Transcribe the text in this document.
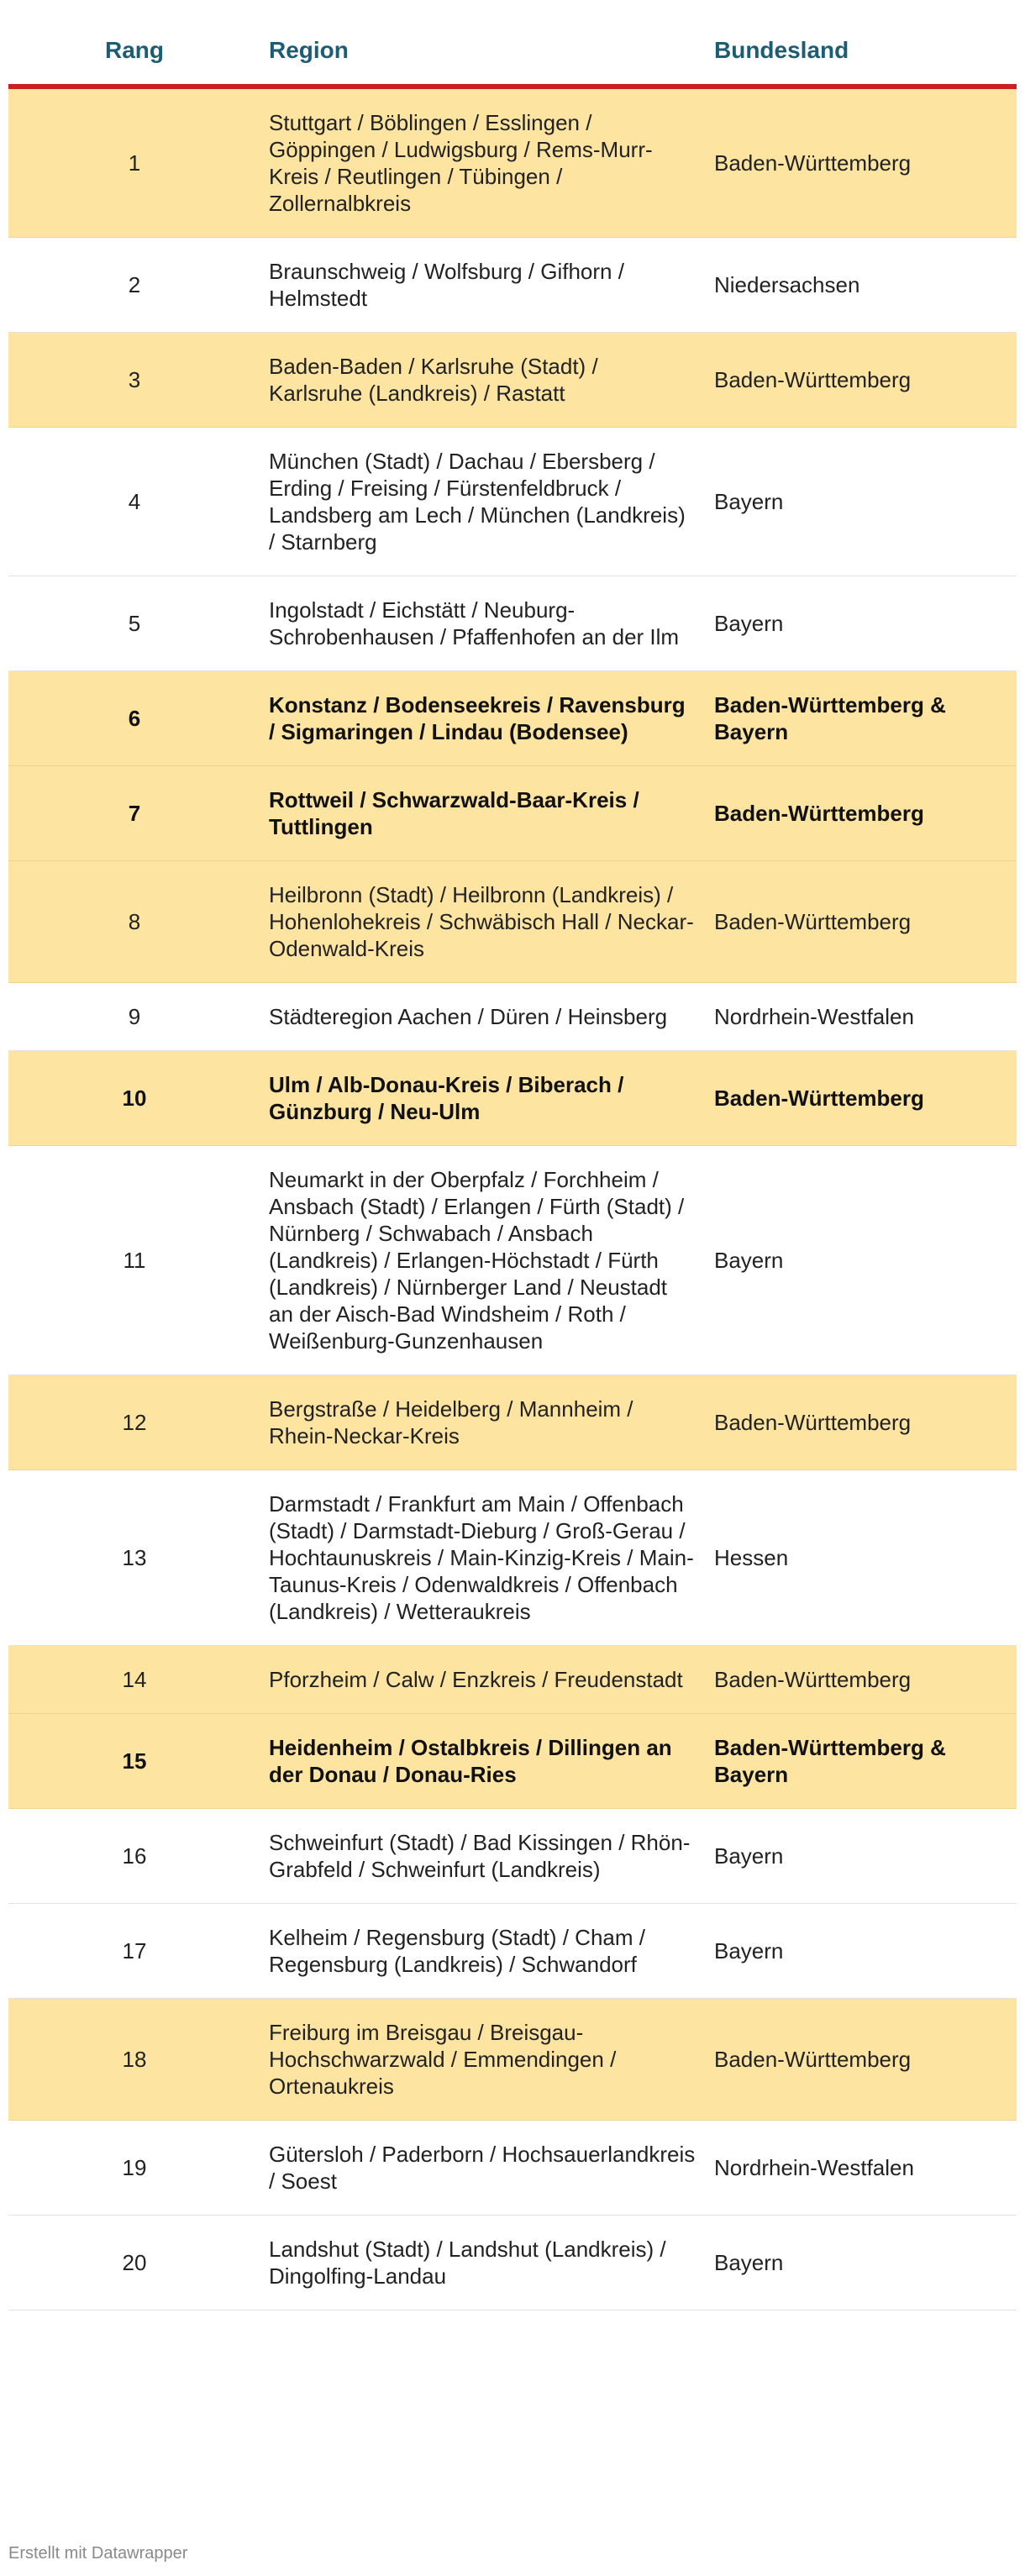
Rang	Region	Bundesland
1	Stuttgart / Böblingen / Esslingen / Göppingen / Ludwigsburg / Rems-Murr-Kreis / Reutlingen / Tübingen / Zollernalbkreis	Baden-Württemberg
2	Braunschweig / Wolfsburg / Gifhorn / Helmstedt	Niedersachsen
3	Baden-Baden / Karlsruhe (Stadt) / Karlsruhe (Landkreis) / Rastatt	Baden-Württemberg
4	München (Stadt) / Dachau / Ebersberg / Erding / Freising / Fürstenfeldbruck / Landsberg am Lech / München (Landkreis) / Starnberg	Bayern
5	Ingolstadt / Eichstätt / Neuburg-Schrobenhausen / Pfaffenhofen an der Ilm	Bayern
6	Konstanz / Bodenseekreis / Ravensburg / Sigmaringen / Lindau (Bodensee)	Baden-Württemberg & Bayern
7	Rottweil / Schwarzwald-Baar-Kreis / Tuttlingen	Baden-Württemberg
8	Heilbronn (Stadt) / Heilbronn (Landkreis) / Hohenlohekreis / Schwäbisch Hall / Neckar-Odenwald-Kreis	Baden-Württemberg
9	Städteregion Aachen / Düren / Heinsberg	Nordrhein-Westfalen
10	Ulm / Alb-Donau-Kreis / Biberach / Günzburg / Neu-Ulm	Baden-Württemberg
11	Neumarkt in der Oberpfalz / Forchheim / Ansbach (Stadt) / Erlangen / Fürth (Stadt) / Nürnberg / Schwabach / Ansbach (Landkreis) / Erlangen-Höchstadt / Fürth (Landkreis) / Nürnberger Land / Neustadt an der Aisch-Bad Windsheim / Roth / Weißenburg-Gunzenhausen	Bayern
12	Bergstraße / Heidelberg / Mannheim / Rhein-Neckar-Kreis	Baden-Württemberg
13	Darmstadt / Frankfurt am Main / Offenbach (Stadt) / Darmstadt-Dieburg / Groß-Gerau / Hochtaunuskreis / Main-Kinzig-Kreis / Main-Taunus-Kreis / Odenwaldkreis / Offenbach (Landkreis) / Wetteraukreis	Hessen
14	Pforzheim / Calw / Enzkreis / Freudenstadt	Baden-Württemberg
15	Heidenheim / Ostalbkreis / Dillingen an der Donau / Donau-Ries	Baden-Württemberg & Bayern
16	Schweinfurt (Stadt) / Bad Kissingen / Rhön-Grabfeld / Schweinfurt (Landkreis)	Bayern
17	Kelheim / Regensburg (Stadt) / Cham / Regensburg (Landkreis) / Schwandorf	Bayern
18	Freiburg im Breisgau / Breisgau-Hochschwarzwald / Emmendingen / Ortenaukreis	Baden-Württemberg
19	Gütersloh / Paderborn / Hochsauerlandkreis / Soest	Nordrhein-Westfalen
20	Landshut (Stadt) / Landshut (Landkreis) / Dingolfing-Landau	Bayern
Erstellt mit Datawrapper
